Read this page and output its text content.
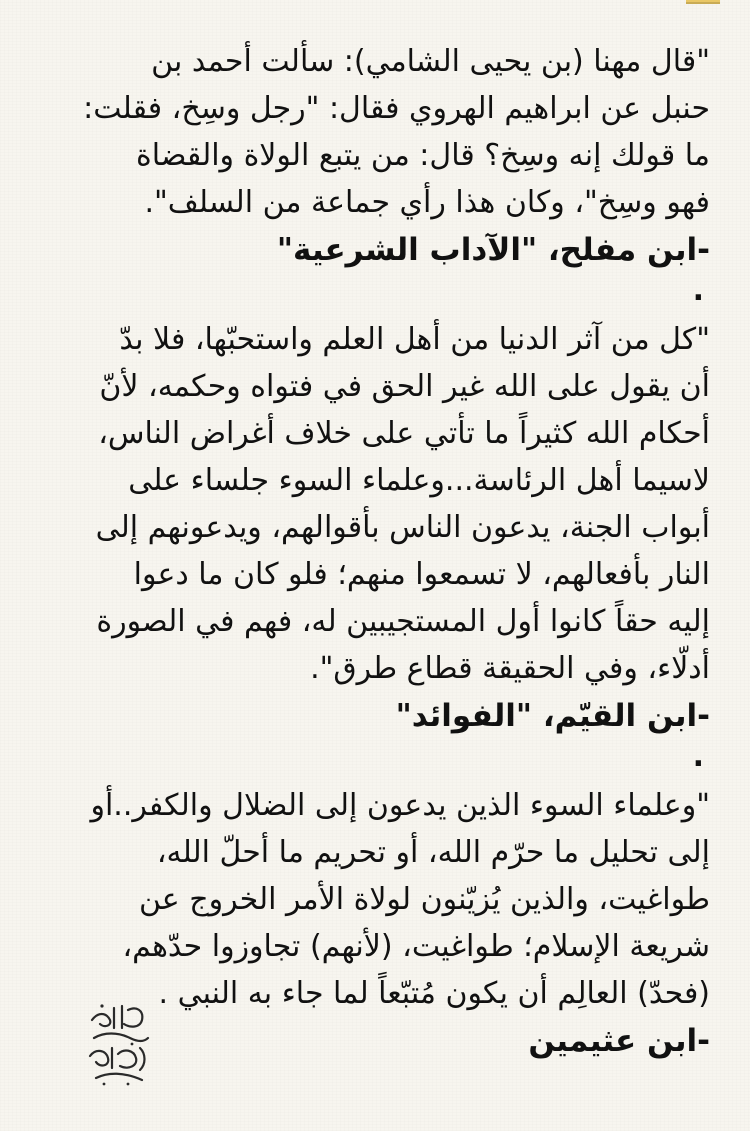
"قال مهنا (بن يحيى الشامي): سألت أحمد بن
حنبل عن ابراهيم الهروي فقال: "رجل وسِخ، فقلت:
ما قولك إنه وسِخ؟ قال: من يتبع الولاة والقضاة
فهو وسِخ"، وكان هذا رأي جماعة من السلف".
-ابن مفلح، "الآداب الشرعية"
.
"كل من آثر الدنيا من أهل العلم واستحبّها، فلا بدّ
أن يقول على الله غير الحق في فتواه وحكمه، لأنّ
أحكام الله كثيراً ما تأتي على خلاف أغراض الناس،
لاسيما أهل الرئاسة...وعلماء السوء جلساء على
أبواب الجنة، يدعون الناس بأقوالهم، ويدعونهم إلى
النار بأفعالهم، لا تسمعوا منهم؛ فلو كان ما دعوا
إليه حقاً كانوا أول المستجيبين له، فهم في الصورة
أدلّاء، وفي الحقيقة قطاع طرق".
-ابن القيّم، "الفوائد"
.
"وعلماء السوء الذين يدعون إلى الضلال والكفر..أو
إلى تحليل ما حرّم الله، أو تحريم ما أحلّ الله،
طواغيت، والذين يُزيّنون لولاة الأمر الخروج عن
شريعة الإسلام؛ طواغيت، (لأنهم) تجاوزوا حدّهم،
(فحدّ) العالِم أن يكون مُتبّعاً لما جاء به النبي .
-ابن عثيمين
